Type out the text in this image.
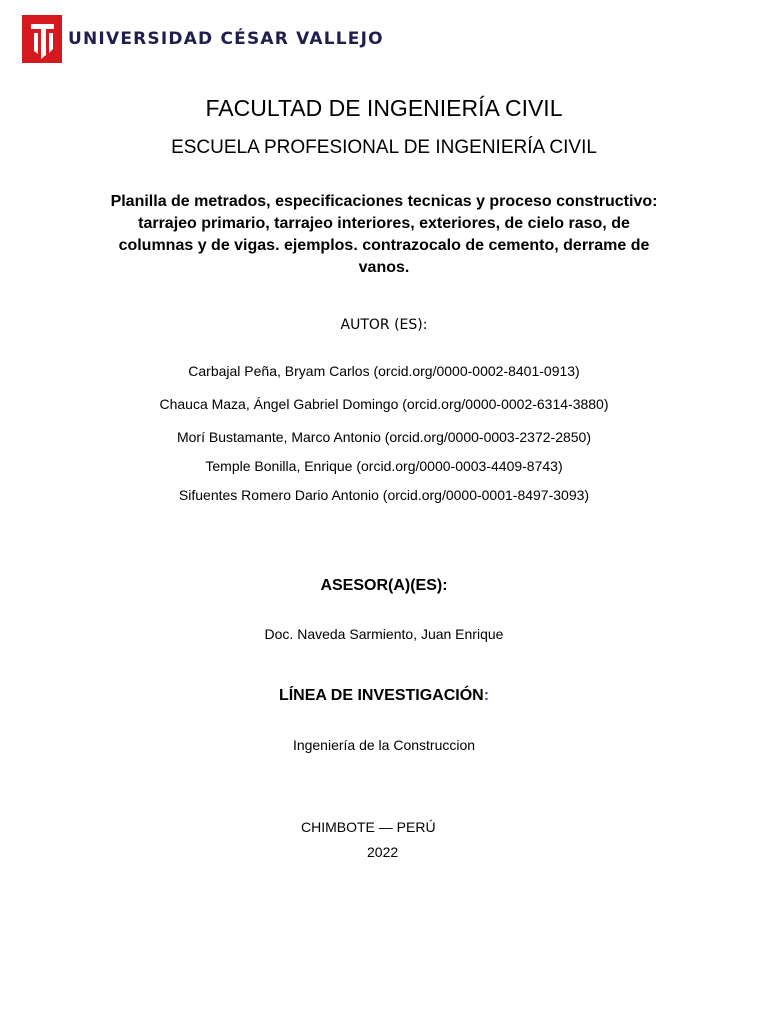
UNIVERSIDAD CÉSAR VALLEJO
FACULTAD DE INGENIERÍA CIVIL
ESCUELA PROFESIONAL DE INGENIERÍA CIVIL
Planilla de metrados, especificaciones tecnicas y proceso constructivo: tarrajeo primario, tarrajeo interiores, exteriores, de cielo raso, de columnas y de vigas. ejemplos. contrazocalo de cemento, derrame de vanos.
AUTOR (ES):
Carbajal Peña, Bryam Carlos (orcid.org/0000-0002-8401-0913)
Chauca Maza, Ángel Gabriel Domingo (orcid.org/0000-0002-6314-3880)
Morí Bustamante, Marco Antonio (orcid.org/0000-0003-2372-2850)
Temple Bonilla, Enrique (orcid.org/0000-0003-4409-8743)
Sifuentes Romero Dario Antonio (orcid.org/0000-0001-8497-3093)
ASESOR(A)(ES):
Doc. Naveda Sarmiento, Juan Enrique
LÍNEA DE INVESTIGACIÓN:
Ingeniería de la Construccion
CHIMBOTE — PERÚ
2022
